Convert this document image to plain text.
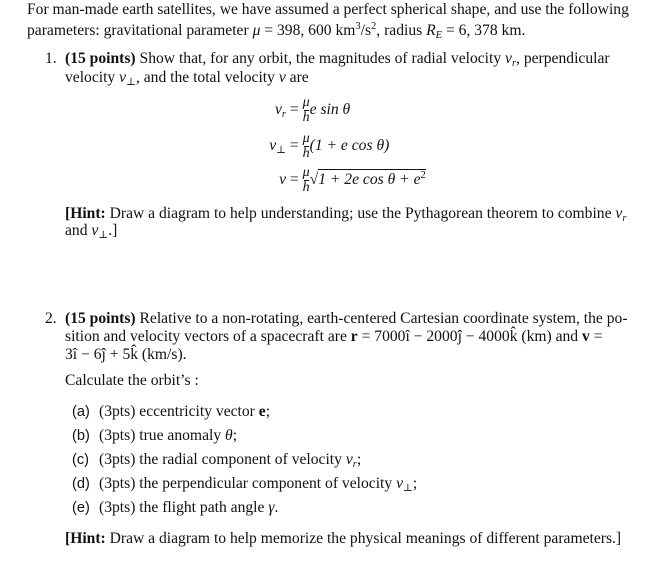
For man-made earth satellites, we have assumed a perfect spherical shape, and use the following
parameters: gravitational parameter μ = 398, 600 $km^3/s^2$, radius $R_E = 6$, 378 km.
1. (15 points) Show that, for any orbit, the magnitudes of radial velocity $v_r$, perpendicular
velocity $v_\perp$, and the total velocity v are
$v_r = \frac{\mu}{h}$ e sin θ
$v_\perp = \frac{\mu}{h} (1 + e$ cos θ)
$v = \frac{\mu}{h} √1 + 2e$ $\cos \theta + e^2$
[Hint: Draw a diagram to help understanding; use the Pythagorean theorem to combine $v_r$
and $v_\perp$.]
2. (15 points) Relative to a non-rotating, earth-centered Cartesian coordinate system, the po-
sition and velocity vectors of a spacecraft are r = 7000î − 2000ĵ − 4000k̂ (km) and v =
3î − 6ĵ + 5k̂ (km/s).
Calculate the orbit’s :
(a) (3pts) eccentricity vector e;
(b) (3pts) true anomaly θ;
(c) (3pts) the radial component of velocity $v_r$;
(d) (3pts) the perpendicular component of velocity $v_\perp$;
(e) (3pts) the flight path angle γ.
[Hint: Draw a diagram to help memorize the physical meanings of different parameters.]
